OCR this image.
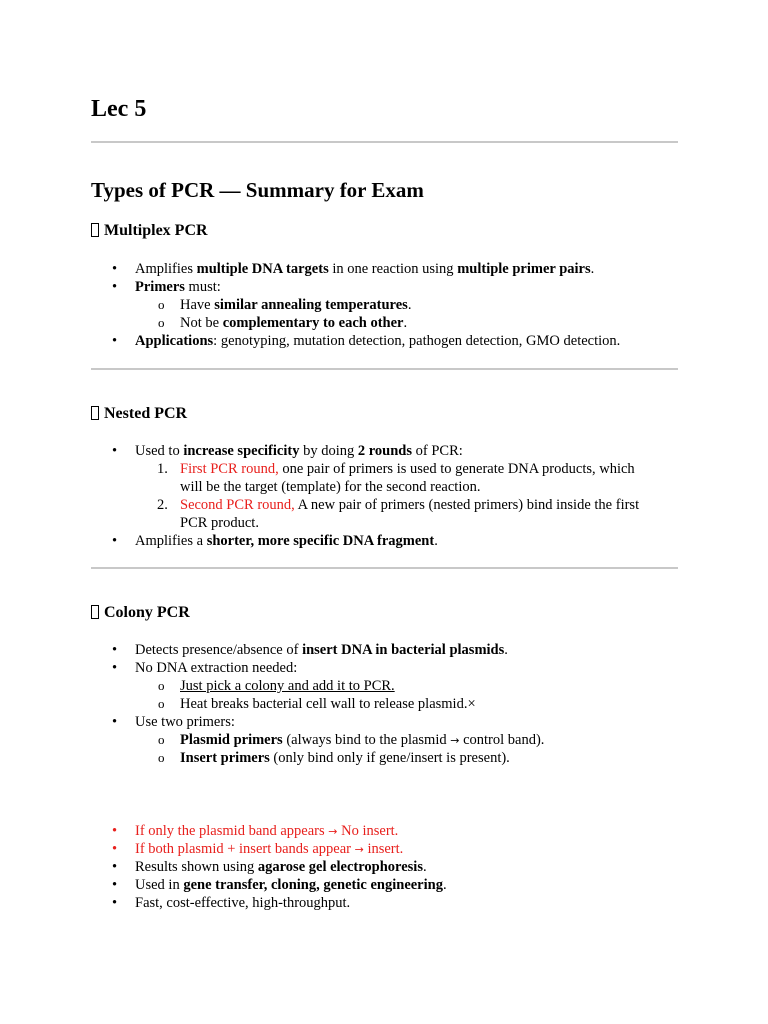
Lec 5
Types of PCR — Summary for Exam
Multiplex PCR
• Amplifies multiple DNA targets in one reaction using multiple primer pairs.
• Primers must:
o Have similar annealing temperatures.
o Not be complementary to each other.
• Applications: genotyping, mutation detection, pathogen detection, GMO detection.
Nested PCR
• Used to increase specificity by doing 2 rounds of PCR:
1. First PCR round, one pair of primers is used to generate DNA products, which
will be the target (template) for the second reaction.
2. Second PCR round, A new pair of primers (nested primers) bind inside the first
PCR product.
• Amplifies a shorter, more specific DNA fragment.
Colony PCR
• Detects presence/absence of insert DNA in bacterial plasmids.
• No DNA extraction needed:
o Just pick a colony and add it to PCR.
o Heat breaks bacterial cell wall to release plasmid.×
• Use two primers:
o Plasmid primers (always bind to the plasmid → control band).
o Insert primers (only bind only if gene/insert is present).
• If only the plasmid band appears → No insert.
• If both plasmid + insert bands appear → insert.
• Results shown using agarose gel electrophoresis.
• Used in gene transfer, cloning, genetic engineering.
• Fast, cost-effective, high-throughput.
